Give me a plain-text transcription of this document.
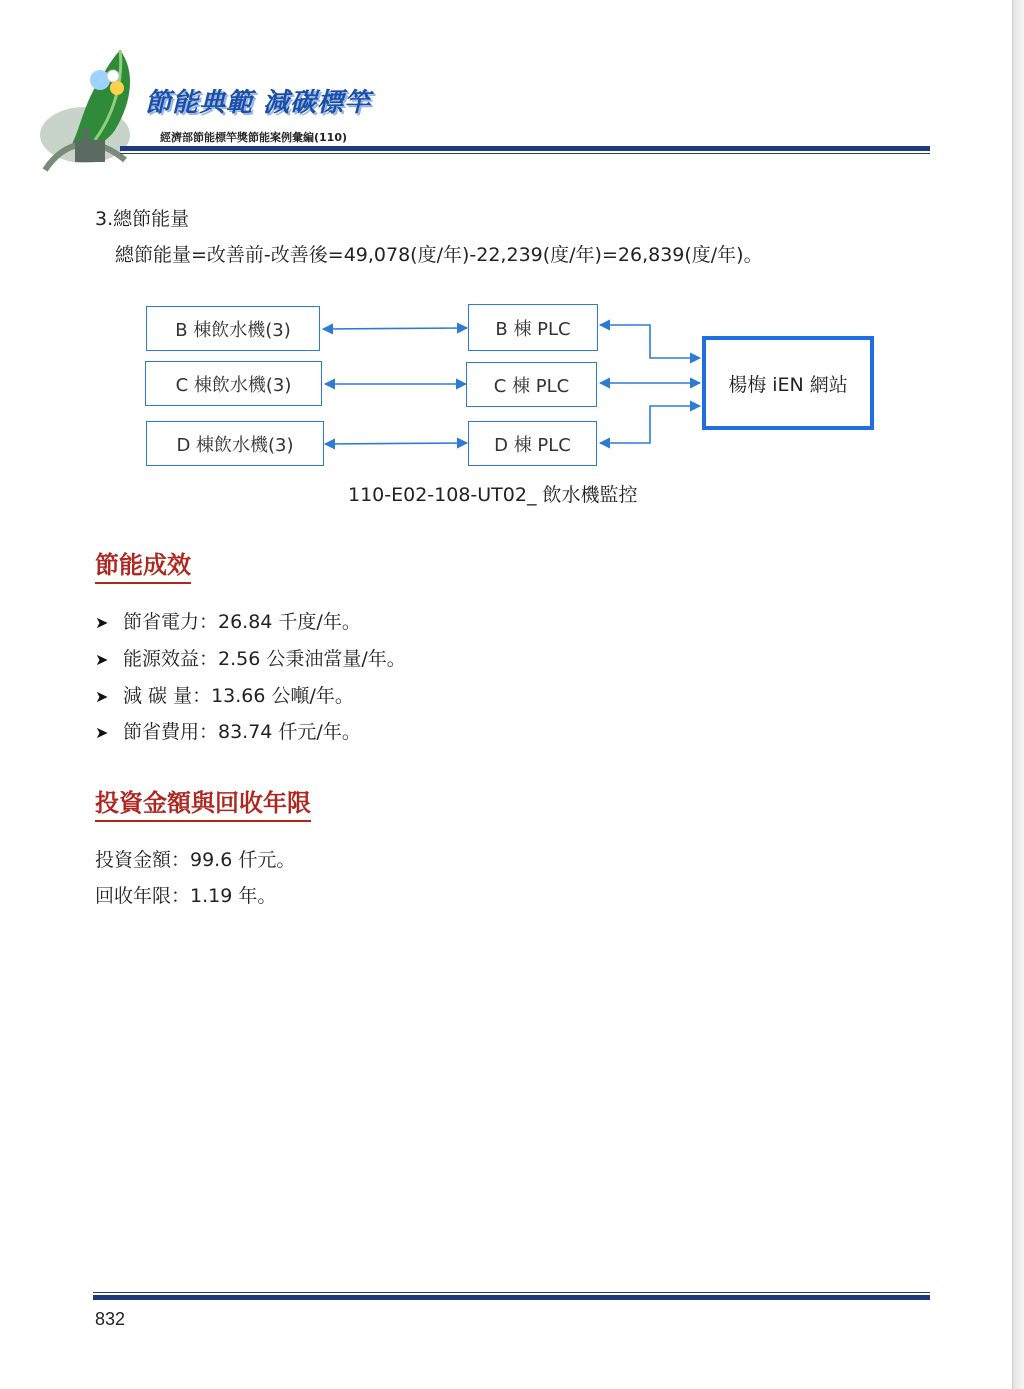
節能典範 減碳標竿
經濟部節能標竿獎節能案例彙編(110)
3.總節能量
總節能量=改善前-改善後=49,078(度/年)-22,239(度/年)=26,839(度/年)。
B 棟飲水機(3)
C 棟飲水機(3)
D 棟飲水機(3)
B 棟 PLC
C 棟 PLC
D 棟 PLC
楊梅 iEN 網站
110-E02-108-UT02_ 飲水機監控
節能成效
➤ 節省電力：26.84 千度/年。
➤ 能源效益：2.56 公秉油當量/年。
➤ 減 碳 量：13.66 公噸/年。
➤ 節省費用：83.74 仟元/年。
投資金額與回收年限
投資金額：99.6 仟元。
回收年限：1.19 年。
832
